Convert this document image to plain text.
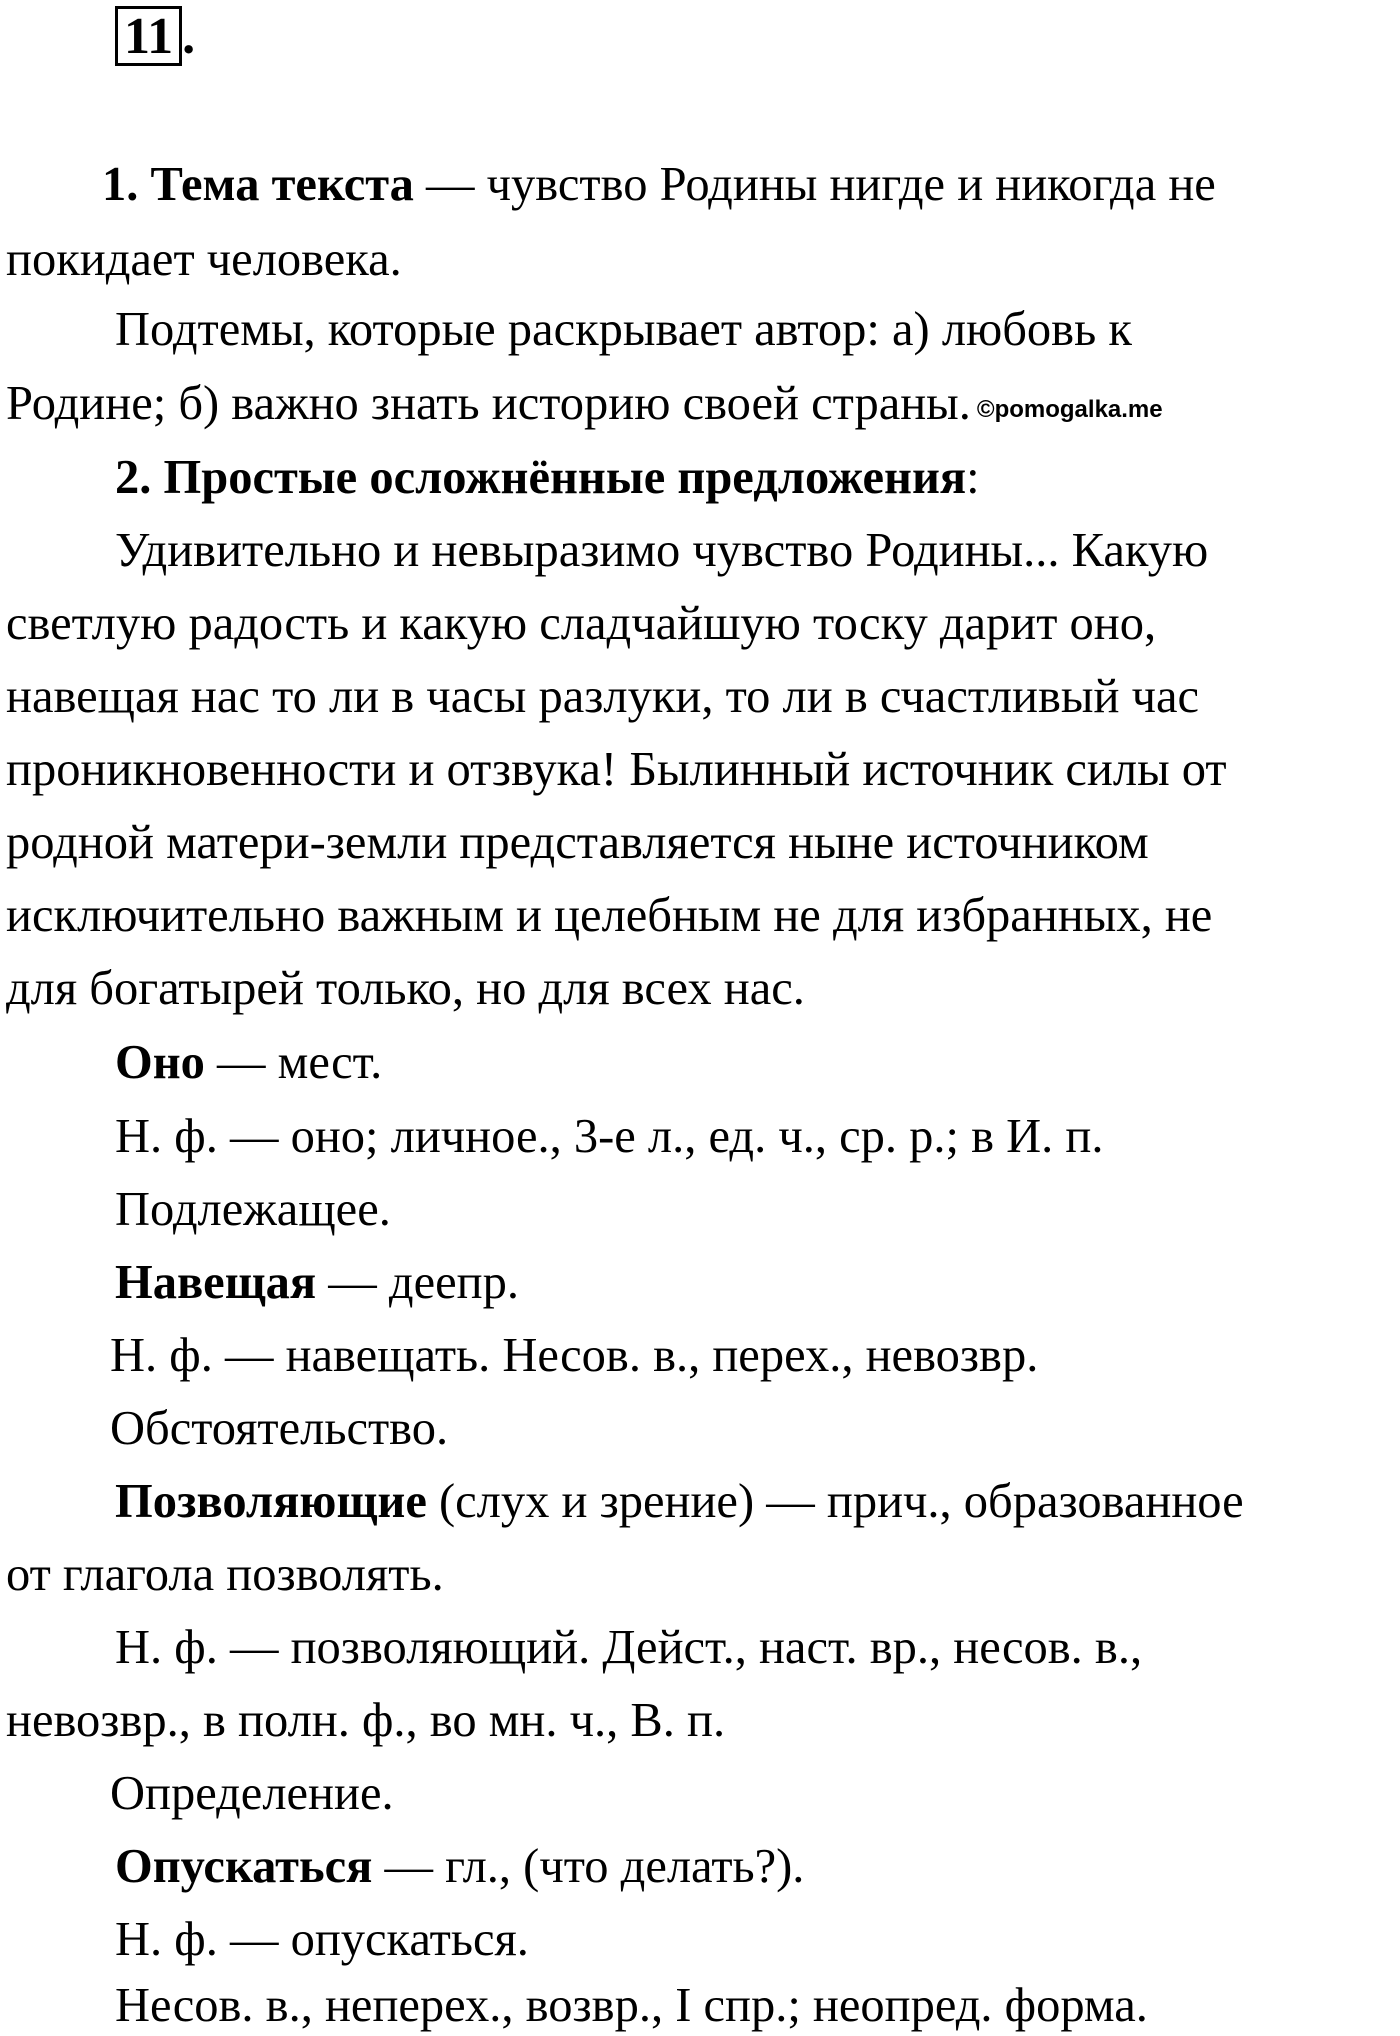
11 .
1. Тема текста — чувство Родины нигде и никогда не
покидает человека.
Подтемы, которые раскрывает автор: а) любовь к
Родине; б) важно знать историю своей страны. ©pomogalka.me
2. Простые осложнённые предложения:
Удивительно и невыразимо чувство Родины... Какую
светлую радость и какую сладчайшую тоску дарит оно,
навещая нас то ли в часы разлуки, то ли в счастливый час
проникновенности и отзвука! Былинный источник силы от
родной матери-земли представляется ныне источником
исключительно важным и целебным не для избранных, не
для богатырей только, но для всех нас.
Оно — мест.
Н. ф. — оно; личное., 3-е л., ед. ч., ср. р.; в И. п.
Подлежащее.
Навещая — деепр.
Н. ф. — навещать. Несов. в., перех., невозвр.
Обстоятельство.
Позволяющие (слух и зрение) — прич., образованное
от глагола позволять.
Н. ф. — позволяющий. Дейст., наст. вр., несов. в.,
невозвр., в полн. ф., во мн. ч., В. п.
Определение.
Опускаться — гл., (что делать?).
Н. ф. — опускаться.
Несов. в., неперех., возвр., I спр.; неопред. форма.
